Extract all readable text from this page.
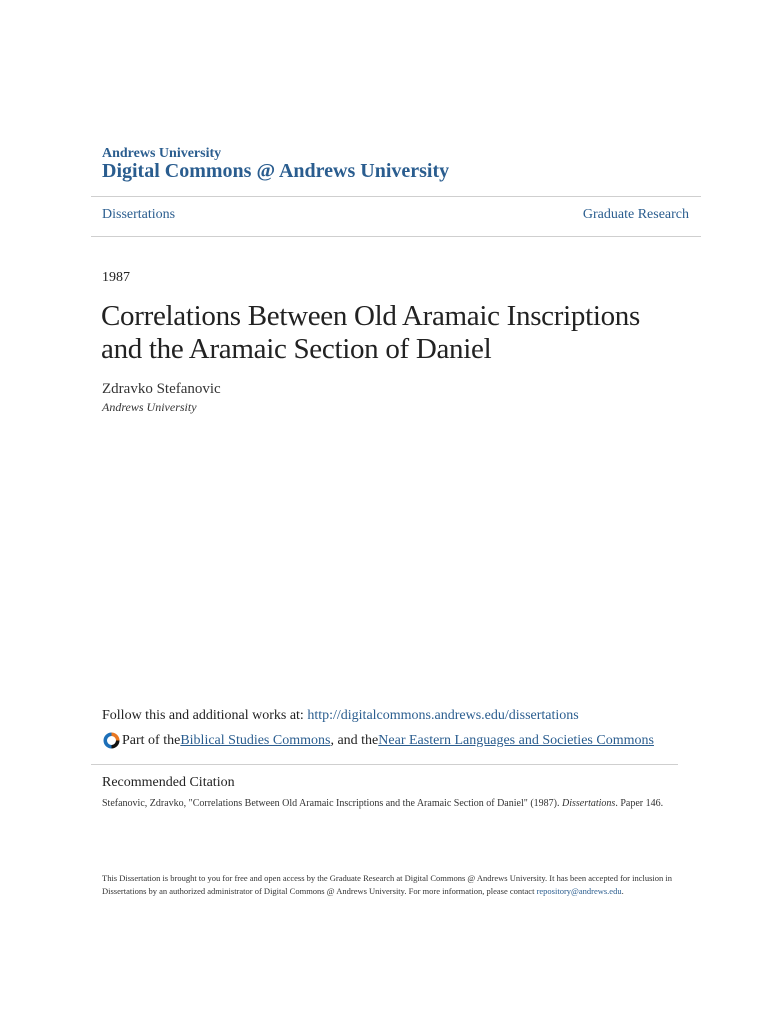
Andrews University
Digital Commons @ Andrews University
Dissertations	Graduate Research
1987
Correlations Between Old Aramaic Inscriptions
and the Aramaic Section of Daniel
Zdravko Stefanovic
Andrews University
Follow this and additional works at: http://digitalcommons.andrews.edu/dissertations
Part of the Biblical Studies Commons , and the Near Eastern Languages and Societies Commons
Recommended Citation
Stefanovic, Zdravko, "Correlations Between Old Aramaic Inscriptions and the Aramaic Section of Daniel" (1987). Dissertations. Paper 146.
This Dissertation is brought to you for free and open access by the Graduate Research at Digital Commons @ Andrews University. It has been accepted for inclusion in Dissertations by an authorized administrator of Digital Commons @ Andrews University. For more information, please contact repository@andrews.edu.
